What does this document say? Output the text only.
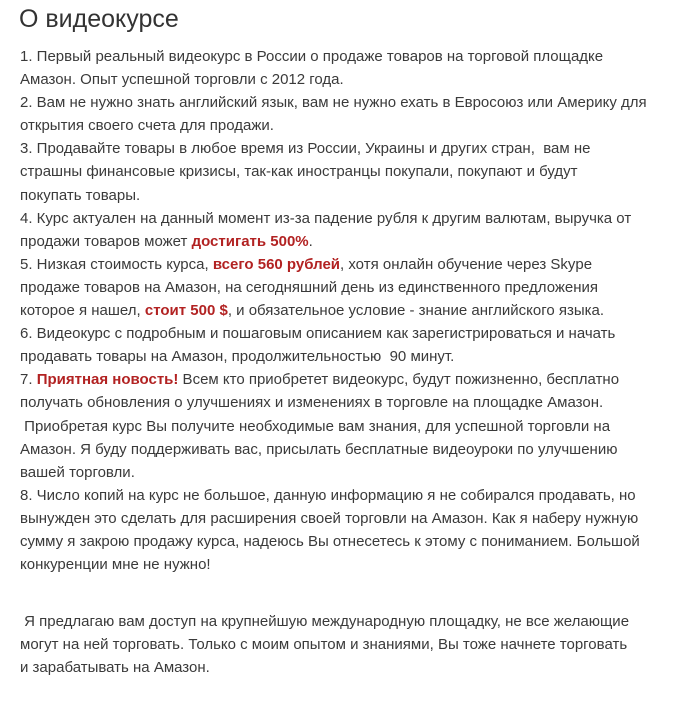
О видеокурсе
1. Первый реальный видеокурс в России о продаже товаров на торговой площадке
Амазон. Опыт успешной торговли с 2012 года.
2. Вам не нужно знать английский язык, вам не нужно ехать в Евросоюз или Америку для
открытия своего счета для продажи.
3. Продавайте товары в любое время из России, Украины и других стран,  вам не
страшны финансовые кризисы, так-как иностранцы покупали, покупают и будут
покупать товары.
4. Курс актуален на данный момент из-за падение рубля к другим валютам, выручка от
продажи товаров может достигать 500%.
5. Низкая стоимость курса, всего 560 рублей, хотя онлайн обучение через Skype
продаже товаров на Амазон, на сегодняшний день из единственного предложения
которое я нашел, стоит 500 $, и обязательное условие - знание английского языка.
6. Видеокурс с подробным и пошаговым описанием как зарегистрироваться и начать
продавать товары на Амазон, продолжительностью  90 минут.
7. Приятная новость! Всем кто приобретет видеокурс, будут пожизненно, бесплатно
получать обновления о улучшениях и изменениях в торговле на площадке Амазон.
Приобретая курс Вы получите необходимые вам знания, для успешной торговли на
Амазон. Я буду поддерживать вас, присылать бесплатные видеоуроки по улучшению
вашей торговли.
8. Число копий на курс не большое, данную информацию я не собирался продавать, но
вынужден это сделать для расширения своей торговли на Амазон. Как я наберу нужную
сумму я закрою продажу курса, надеюсь Вы отнесетесь к этому с пониманием. Большой
конкуренции мне не нужно!
Я предлагаю вам доступ на крупнейшую международную площадку, не все желающие
могут на ней торговать. Только с моим опытом и знаниями, Вы тоже начнете торговать
и зарабатывать на Амазон.
